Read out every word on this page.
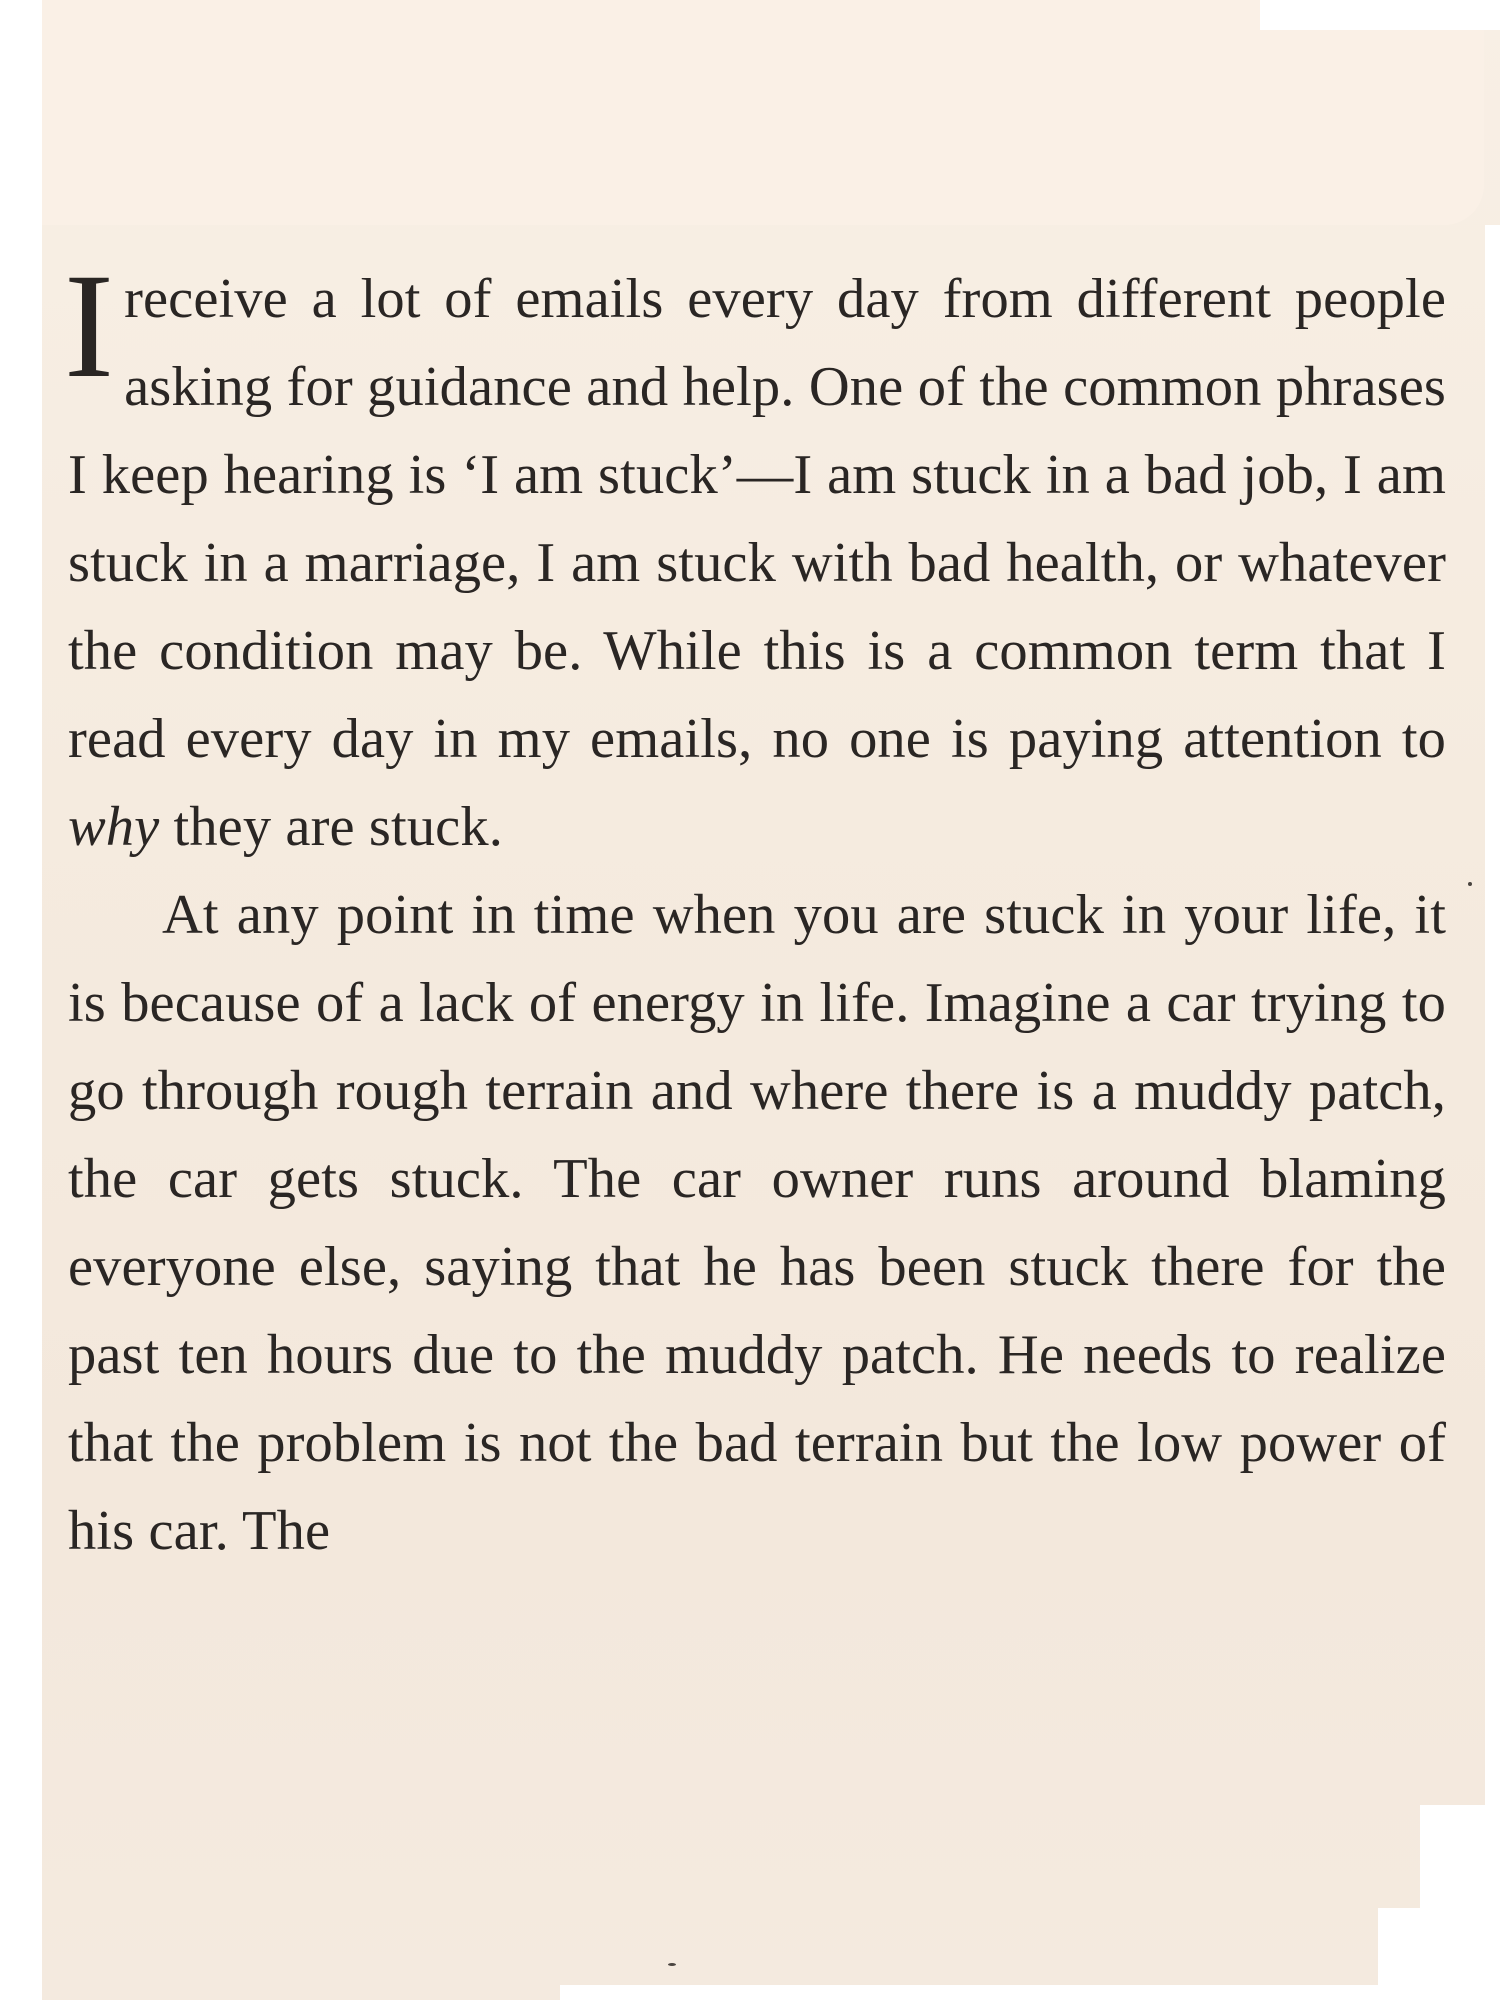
Ireceive a lot of emails every day from different people asking for guidance and help. One of the common phrases I keep hearing is ‘I am stuck’—I am stuck in a bad job, I am stuck in a marriage, I am stuck with bad health, or whatever the condition may be. While this is a common term that I read every day in my emails, no one is paying attention to why they are stuck.

At any point in time when you are stuck in your life, it is because of a lack of energy in life. Imagine a car trying to go through rough terrain and where there is a muddy patch, the car gets stuck. The car owner runs around blaming everyone else, saying that he has been stuck there for the past ten hours due to the muddy patch. He needs to realize that the problem is not the bad terrain but the low power of his car. The
